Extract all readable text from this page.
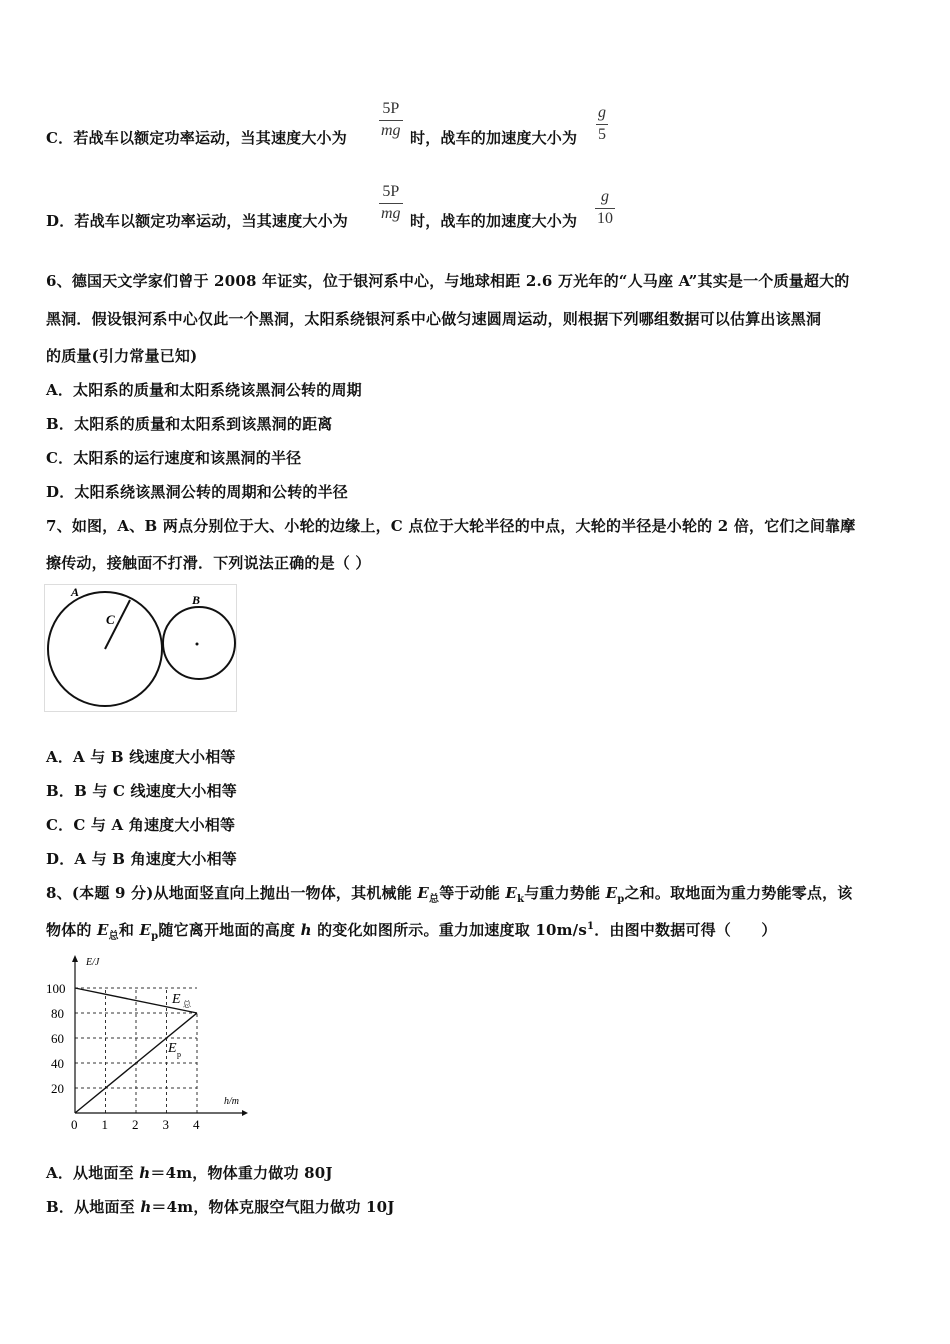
C．若战车以额定功率运动，当其速度大小为
5P
mg 时，战车的加速度大小为
g
5
D．若战车以额定功率运动，当其速度大小为
5P
mg 时，战车的加速度大小为
g
10
6、德国天文学家们曾于 2008 年证实，位于银河系中心，与地球相距 2.6 万光年的“人马座 A”其实是一个质量超大的
黑洞．假设银河系中心仅此一个黑洞，太阳系绕银河系中心做匀速圆周运动，则根据下列哪组数据可以估算出该黑洞
的质量(引力常量已知)
A．太阳系的质量和太阳系绕该黑洞公转的周期
B．太阳系的质量和太阳系到该黑洞的距离
C．太阳系的运行速度和该黑洞的半径
D．太阳系绕该黑洞公转的周期和公转的半径
7、如图，A、B 两点分别位于大、小轮的边缘上，C 点位于大轮半径的中点，大轮的半径是小轮的 2 倍，它们之间靠摩
擦传动，接触面不打滑．下列说法正确的是（ ）
A
C
B
A．A 与 B 线速度大小相等
B．B 与 C 线速度大小相等
C．C 与 A 角速度大小相等
D．A 与 B 角速度大小相等
8、(本题 9 分)从地面竖直向上抛出一物体，其机械能 $E_总$等于动能 $E_k$与重力势能 $E_p$之和。取地面为重力势能零点，该
物体的 $E_总$和 $E_p$随它离开地面的高度 h 的变化如图所示。重力加速度取 $10m/s^1$．由图中数据可得（　　）
0 1 2 3 4
20
40
60
80
100
E/J
h/m
E 总
E p
A．从地面至 h＝4m，物体重力做功 80J
B．从地面至 h＝4m，物体克服空气阻力做功 10J
